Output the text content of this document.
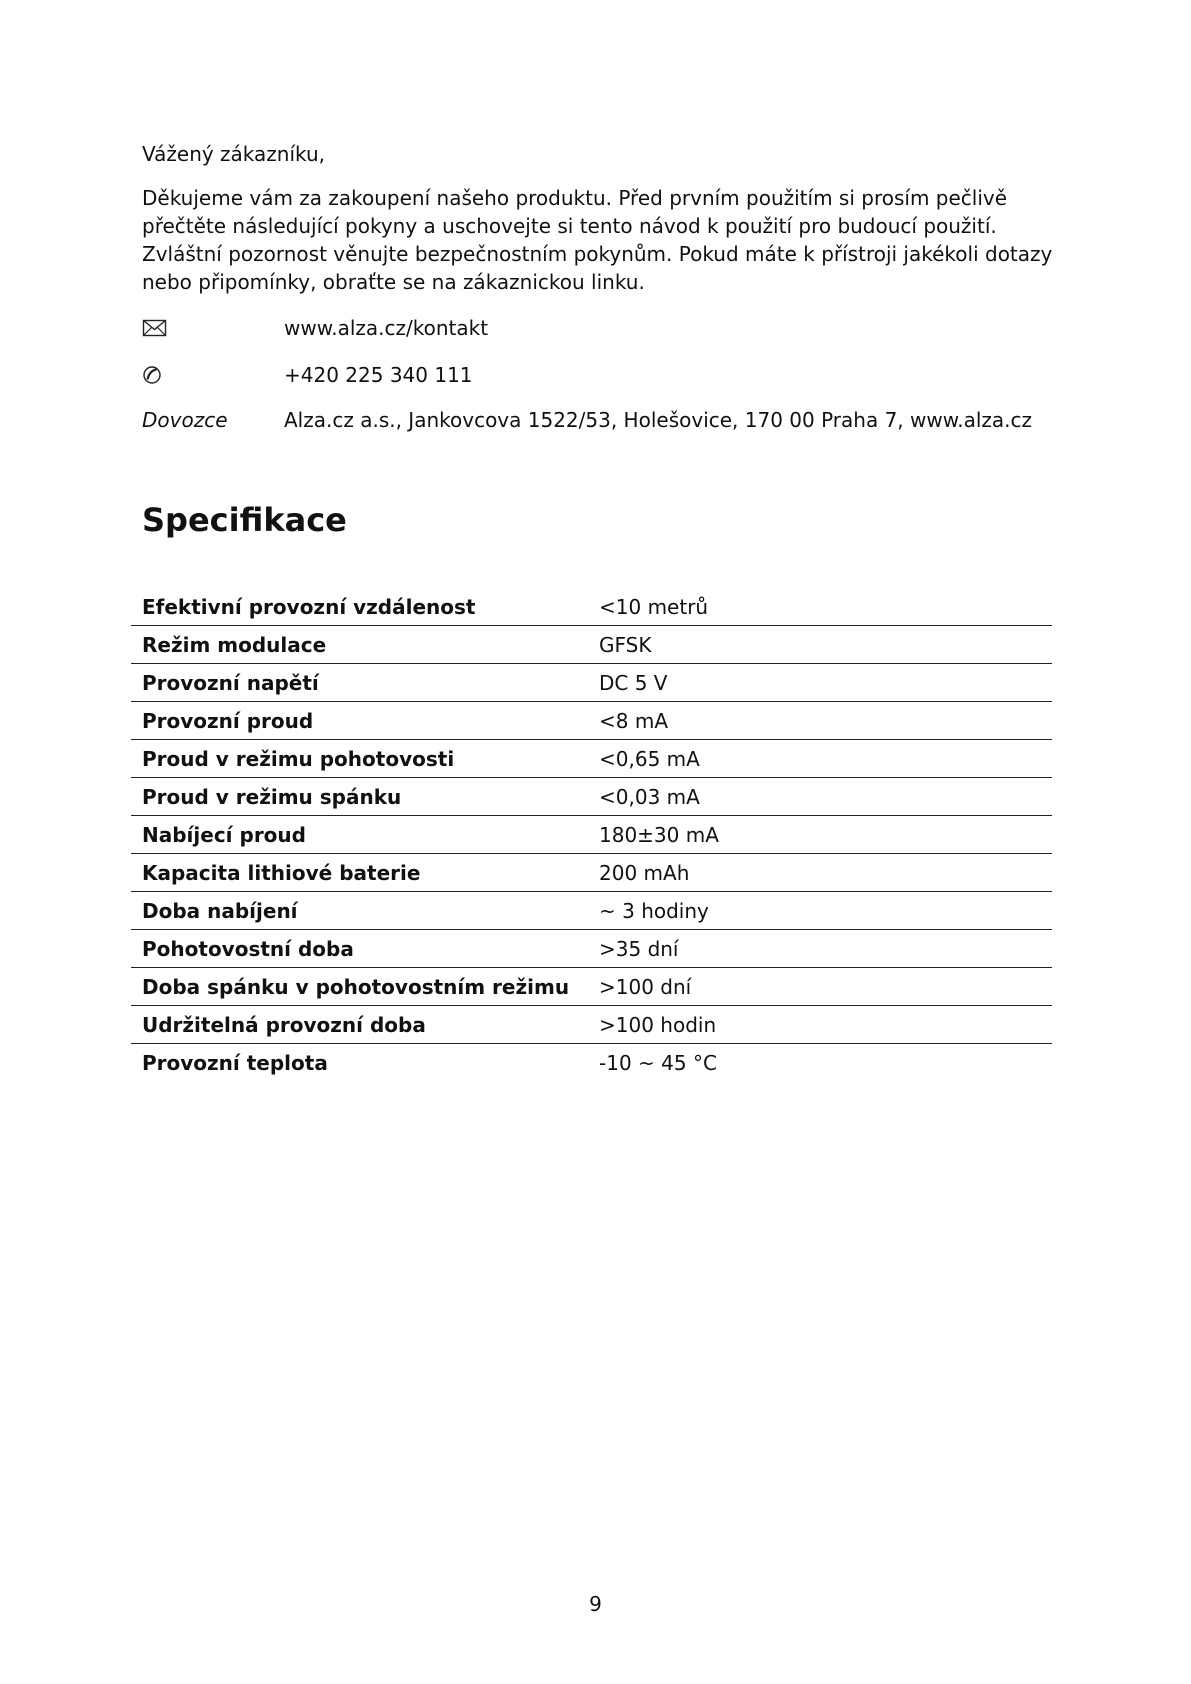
Vážený zákazníku,

Děkujeme vám za zakoupení našeho produktu. Před prvním použitím si prosím pečlivě přečtěte následující pokyny a uschovejte si tento návod k použití pro budoucí použití. Zvláštní pozornost věnujte bezpečnostním pokynům. Pokud máte k přístroji jakékoli dotazy nebo připomínky, obraťte se na zákaznickou linku.

www.alza.cz/kontakt
+420 225 340 111
Dovozce	Alza.cz a.s., Jankovcova 1522/53, Holešovice, 170 00 Praha 7, www.alza.cz
Specifikace
Efektivní provozní vzdálenost	<10 metrů
Režim modulace	GFSK
Provozní napětí	DC 5 V
Provozní proud	<8 mA
Proud v režimu pohotovosti	<0,65 mA
Proud v režimu spánku	<0,03 mA
Nabíjecí proud	180±30 mA
Kapacita lithiové baterie	200 mAh
Doba nabíjení	~ 3 hodiny
Pohotovostní doba	>35 dní
Doba spánku v pohotovostním režimu	>100 dní
Udržitelná provozní doba	>100 hodin
Provozní teplota	-10 ~ 45 °C
9
